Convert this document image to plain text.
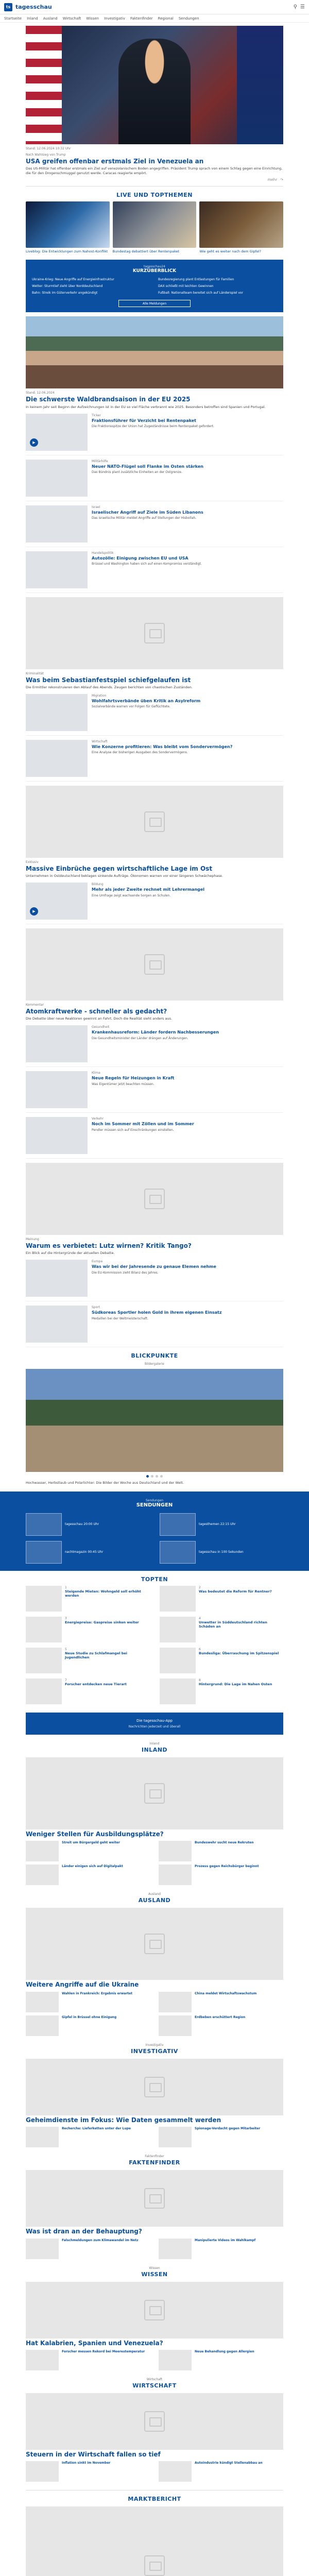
ts tagesschau	⚲ ☰
Startseite Inland Ausland Wirtschaft Wissen Investigativ Faktenfinder Regional Sendungen
Stand: 12.06.2024 10:32 Uhr
Nach Wahlsieg von Trump
USA greifen offenbar erstmals Ziel in Venezuela an
Das US-Militär hat offenbar erstmals ein Ziel auf venezolanischem Boden angegriffen. Präsident Trump sprach von einem Schlag gegen eine Einrichtung, die für den Drogenschmuggel genutzt werde. Caracas reagierte empört.
mehr ↷
LIVE UND TOPTHEMEN
Liveblog: Die Entwicklungen zum Nahost-Konflikt	Bundestag debattiert über Rentenpaket	Wie geht es weiter nach dem Gipfel?
tagesschau24
KURZÜBERBLICK
Ukraine-Krieg: Neue Angriffe auf Energieinfrastruktur	Bundesregierung plant Entlastungen für Familien
Wetter: Sturmtief zieht über Norddeutschland	DAX schließt mit leichten Gewinnen
Bahn: Streik im Güterverkehr angekündigt	Fußball: Nationalteam bereitet sich auf Länderspiel vor
Alle Meldungen
Stand: 12.06.2024
Die schwerste Waldbrandsaison in der EU 2025
In keinem Jahr seit Beginn der Aufzeichnungen ist in der EU so viel Fläche verbrannt wie 2025. Besonders betroffen sind Spanien und Portugal.
▶
Ticker
Fraktionsführer für Verzicht bei Rentenpaket
Die Fraktionsspitze der Union hat Zugeständnisse beim Rentenpaket gefordert.
Militärhilfe
Neuer NATO-Flügel soll Flanke im Osten stärken
Das Bündnis plant zusätzliche Einheiten an der Ostgrenze.
Israel
Israelischer Angriff auf Ziele im Süden Libanons
Das israelische Militär meldet Angriffe auf Stellungen der Hisbollah.
Handelspolitik
Autozölle: Einigung zwischen EU und USA
Brüssel und Washington haben sich auf einen Kompromiss verständigt.
Kriminalität
Was beim Sebastianfestspiel schiefgelaufen ist
Die Ermittler rekonstruieren den Ablauf des Abends. Zeugen berichten von chaotischen Zuständen.
Migration
Wohlfahrtsverbände üben Kritik an Asylreform
Sozialverbände warnen vor Folgen für Geflüchtete.
Wirtschaft
Wie Konzerne profitieren: Was bleibt vom Sondervermögen?
Eine Analyse der bisherigen Ausgaben des Sondervermögens.
Exklusiv
Massive Einbrüche gegen wirtschaftliche Lage im Ost
Unternehmen in Ostdeutschland beklagen sinkende Aufträge. Ökonomen warnen vor einer längeren Schwächephase.
▶
Bildung
Mehr als jeder Zweite rechnet mit Lehrermangel
Eine Umfrage zeigt wachsende Sorgen an Schulen.
Kommentar
Atomkraftwerke - schneller als gedacht?
Die Debatte über neue Reaktoren gewinnt an Fahrt. Doch die Realität sieht anders aus.
Gesundheit
Krankenhausreform: Länder fordern Nachbesserungen
Die Gesundheitsminister der Länder drängen auf Änderungen.
Klima
Neue Regeln für Heizungen in Kraft
Was Eigentümer jetzt beachten müssen.
Verkehr
Noch im Sommer mit Zöllen und im Sommer
Pendler müssen sich auf Einschränkungen einstellen.
Meinung
Warum es verbietet: Lutz wirnen? Kritik Tango?
Ein Blick auf die Hintergründe der aktuellen Debatte.
Europa
Was wir bei der Jahresende zu genaue Elemen nehme
Die EU-Kommission zieht Bilanz des Jahres.
Sport
Südkoreas Sportler holen Gold in ihrem eigenen Einsatz
Medaillen bei der Weltmeisterschaft.
BLICKPUNKTE
Bildergalerie
Hochwasser, Herbstlaub und Polarlichter: Die Bilder der Woche aus Deutschland und der Welt.
Sendungen
SENDUNGEN
tagesschau 20:00 Uhr	tagesthemen 22:15 Uhr
nachtmagazin 00:45 Uhr	tagesschau in 100 Sekunden
TOPTEN
1
Steigende Mieten: Wohngeld soll erhöht werden
2
Was bedeutet die Reform für Rentner?
3
Energiepreise: Gaspreise sinken weiter
4
Unwetter in Süddeutschland richten Schäden an
5
Neue Studie zu Schlafmangel bei Jugendlichen
6
Bundesliga: Überraschung im Spitzenspiel
7
Forscher entdecken neue Tierart
8
Hintergrund: Die Lage im Nahen Osten
Die tagesschau-App
Nachrichten jederzeit und überall
Inland
INLAND
Weniger Stellen für Ausbildungsplätze?
Streit um Bürgergeld geht weiter	Bundeswehr sucht neue Rekruten
Länder einigen sich auf Digitalpakt	Prozess gegen Reichsbürger beginnt
Ausland
AUSLAND
Weitere Angriffe auf die Ukraine
Wahlen in Frankreich: Ergebnis erwartet	China meldet Wirtschaftswachstum
Gipfel in Brüssel ohne Einigung	Erdbeben erschüttert Region
Investigativ
INVESTIGATIV
Geheimdienste im Fokus: Wie Daten gesammelt werden
Recherche: Lieferketten unter der Lupe	Spionage-Verdacht gegen Mitarbeiter
Faktenfinder
FAKTENFINDER
Was ist dran an der Behauptung?
Falschmeldungen zum Klimawandel im Netz	Manipulierte Videos im Wahlkampf
Wissen
WISSEN
Hat Kalabrien, Spanien und Venezuela?
Forscher messen Rekord bei Meerestemperatur	Neue Behandlung gegen Allergien
Wirtschaft
WIRTSCHAFT
Steuern in der Wirtschaft fallen so tief
Inflation sinkt im November	Autoindustrie kündigt Stellenabbau an
MARKTBERICHT
